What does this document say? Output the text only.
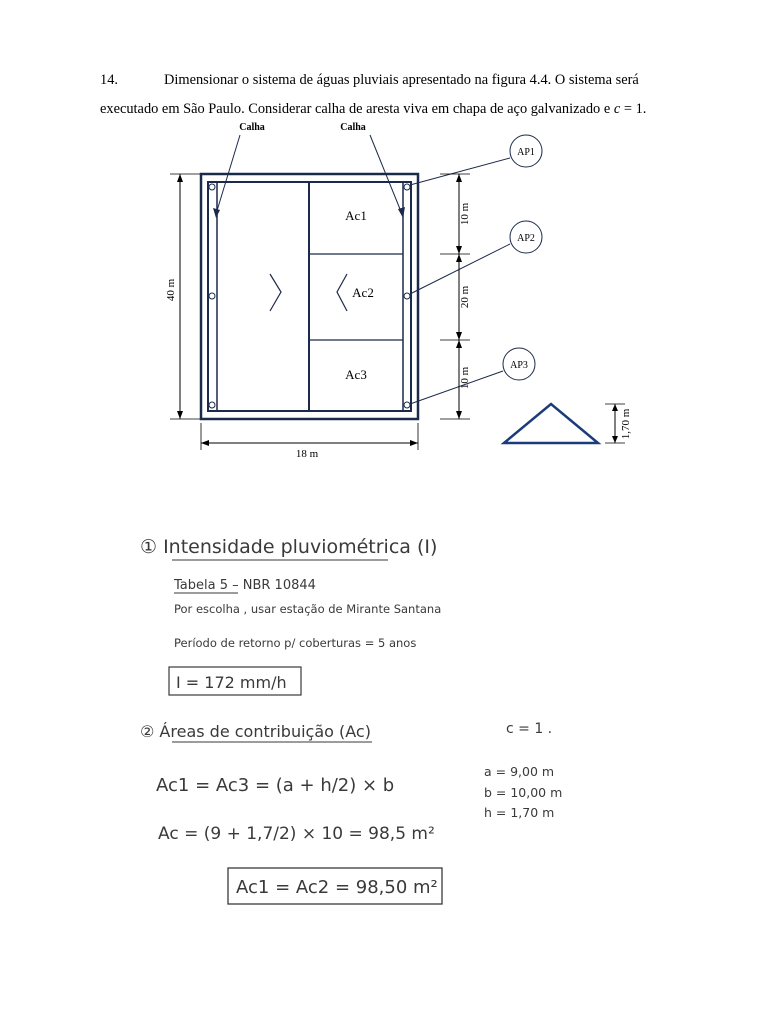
14.	Dimensionar o sistema de águas pluviais apresentado na figura 4.4. O sistema será
executado em São Paulo. Considerar calha de aresta viva em chapa de aço galvanizado e c = 1.
Ac1
Ac2
Ac3
Calha	Calha
AP1
AP2
AP3
40 m
18 m
10 m
20 m
10 m
1,70 m
① Intensidade pluviométrica (I)
Tabela 5 – NBR 10844
Por escolha , usar estação de Mirante Santana
Período de retorno p/ coberturas = 5 anos
I = 172 mm/h
② Áreas de contribuição (Ac)	c = 1 .
Ac1 = Ac3 = (a + h/2) × b
a = 9,00 m
b = 10,00 m
h = 1,70 m
Ac = (9 + 1,7/2) × 10 = 98,5 m²
Ac1 = Ac2 = 98,50 m²
